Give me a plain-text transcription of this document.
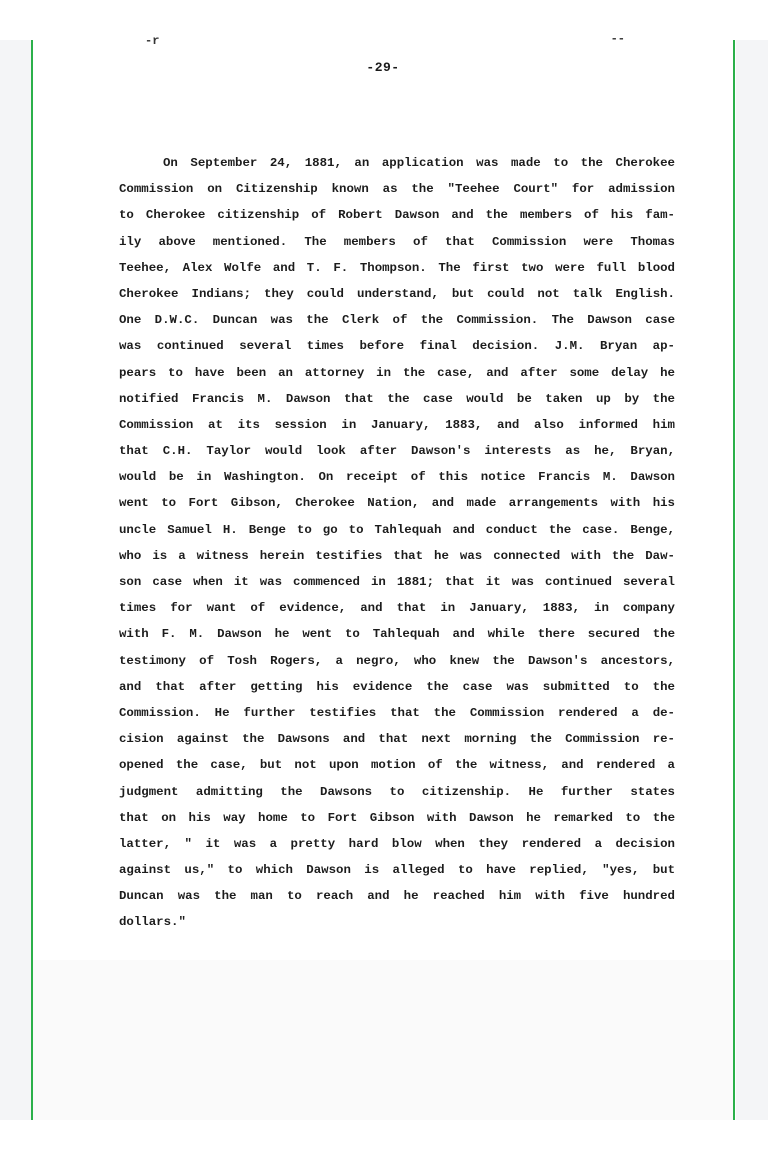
-r	--
-29-
On September 24, 1881, an application was made to the Cherokee
Commission on Citizenship known as the "Teehee Court" for admission
to Cherokee citizenship of Robert Dawson and the members of his fam-
ily above mentioned. The members of that Commission were Thomas
Teehee, Alex Wolfe and T. F. Thompson. The first two were full blood
Cherokee Indians; they could understand, but could not talk English.
One D.W.C. Duncan was the Clerk of the Commission. The Dawson case
was continued several times before final decision. J.M. Bryan ap-
pears to have been an attorney in the case, and after some delay he
notified Francis M. Dawson that the case would be taken up by the
Commission at its session in January, 1883, and also informed him
that C.H. Taylor would look after Dawson's interests as he, Bryan,
would be in Washington. On receipt of this notice Francis M. Dawson
went to Fort Gibson, Cherokee Nation, and made arrangements with his
uncle Samuel H. Benge to go to Tahlequah and conduct the case. Benge,
who is a witness herein testifies that he was connected with the Daw-
son case when it was commenced in 1881; that it was continued several
times for want of evidence, and that in January, 1883, in company
with F. M. Dawson he went to Tahlequah and while there secured the
testimony of Tosh Rogers, a negro, who knew the Dawson's ancestors,
and that after getting his evidence the case was submitted to the
Commission. He further testifies that the Commission rendered a de-
cision against the Dawsons and that next morning the Commission re-
opened the case, but not upon motion of the witness, and rendered a
judgment admitting the Dawsons to citizenship. He further states
that on his way home to Fort Gibson with Dawson he remarked to the
latter, " it was a pretty hard blow when they rendered a decision
against us," to which Dawson is alleged to have replied, "yes, but
Duncan was the man to reach and he reached him with five hundred
dollars."
